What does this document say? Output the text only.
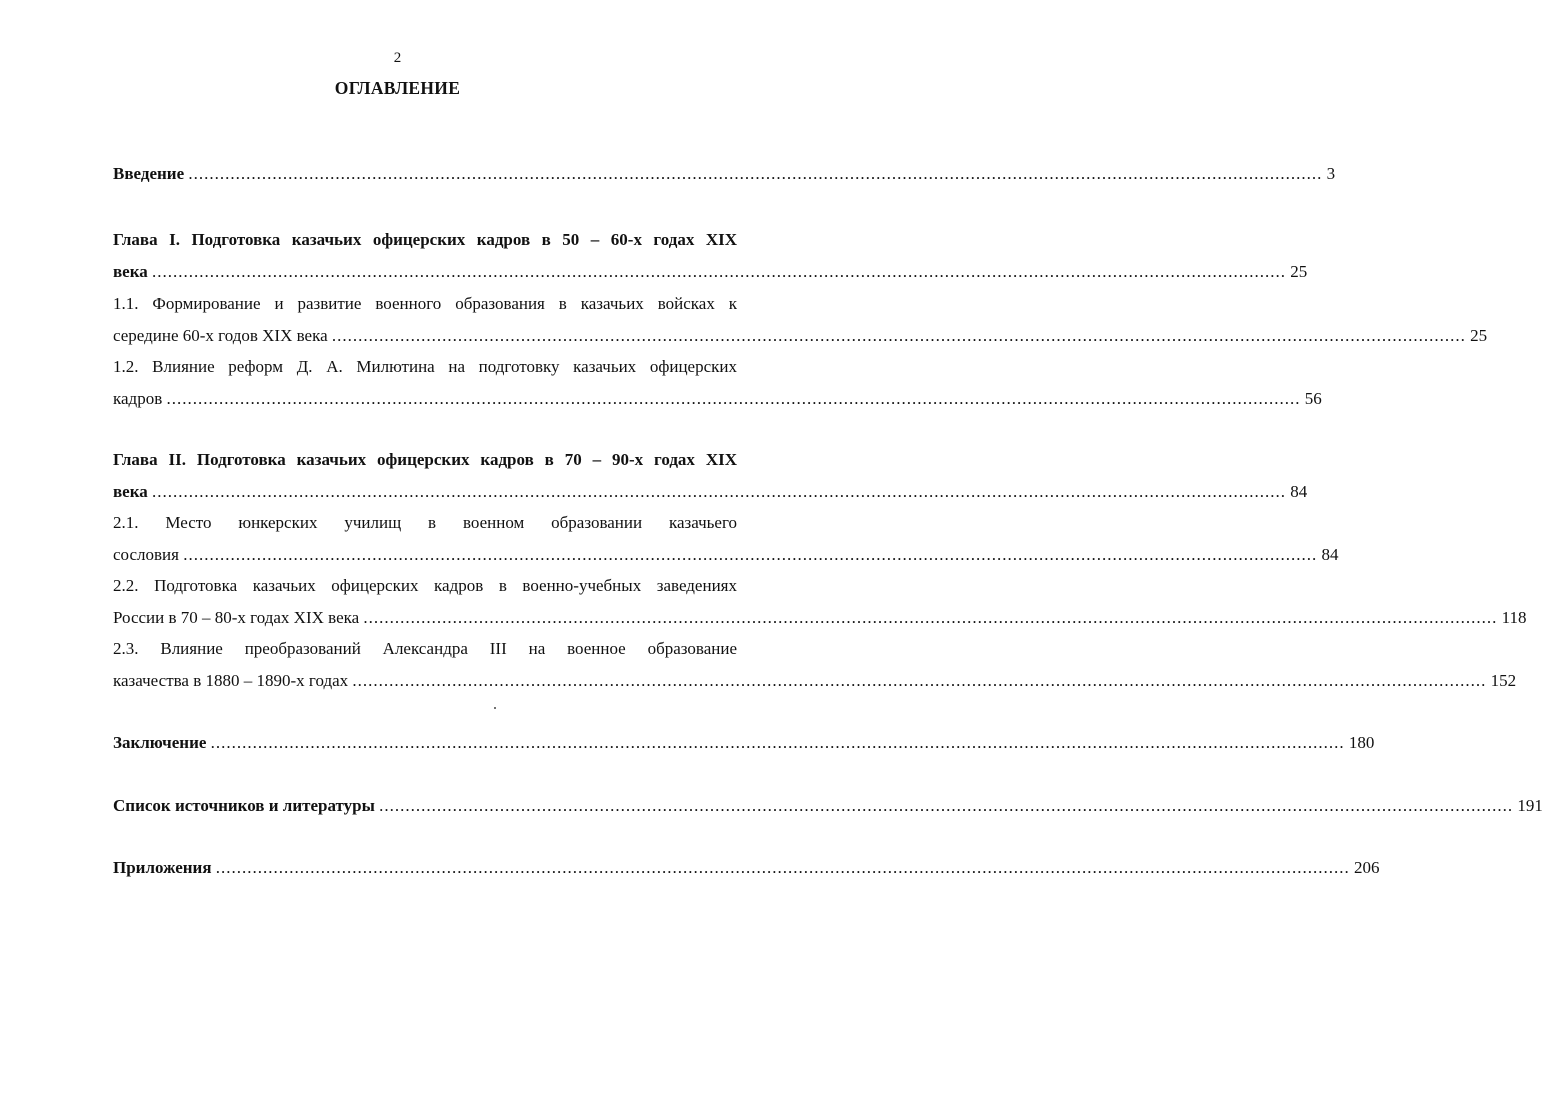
2
ОГЛАВЛЕНИЕ
Введение .....	3
Глава I. Подготовка казачьих офицерских кадров в 50 – 60-х годах XIX
века .....	25
1.1. Формирование и развитие военного образования в казачьих войсках к
середине 60-х годов XIX века .....	25
1.2. Влияние реформ Д. А. Милютина на подготовку казачьих офицерских
кадров .....	56
Глава II. Подготовка казачьих офицерских кадров в 70 – 90-х годах XIX
века .....	84
2.1. Место юнкерских училищ в военном образовании казачьего
сословия .....	84
2.2. Подготовка казачьих офицерских кадров в военно-учебных заведениях
России в 70 – 80-х годах XIX века .....	118
2.3. Влияние преобразований Александра III на военное образование
казачества в 1880 – 1890-х годах .....	152
Заключение .....	180
Список источников и литературы .....	191
Приложения .....	206
